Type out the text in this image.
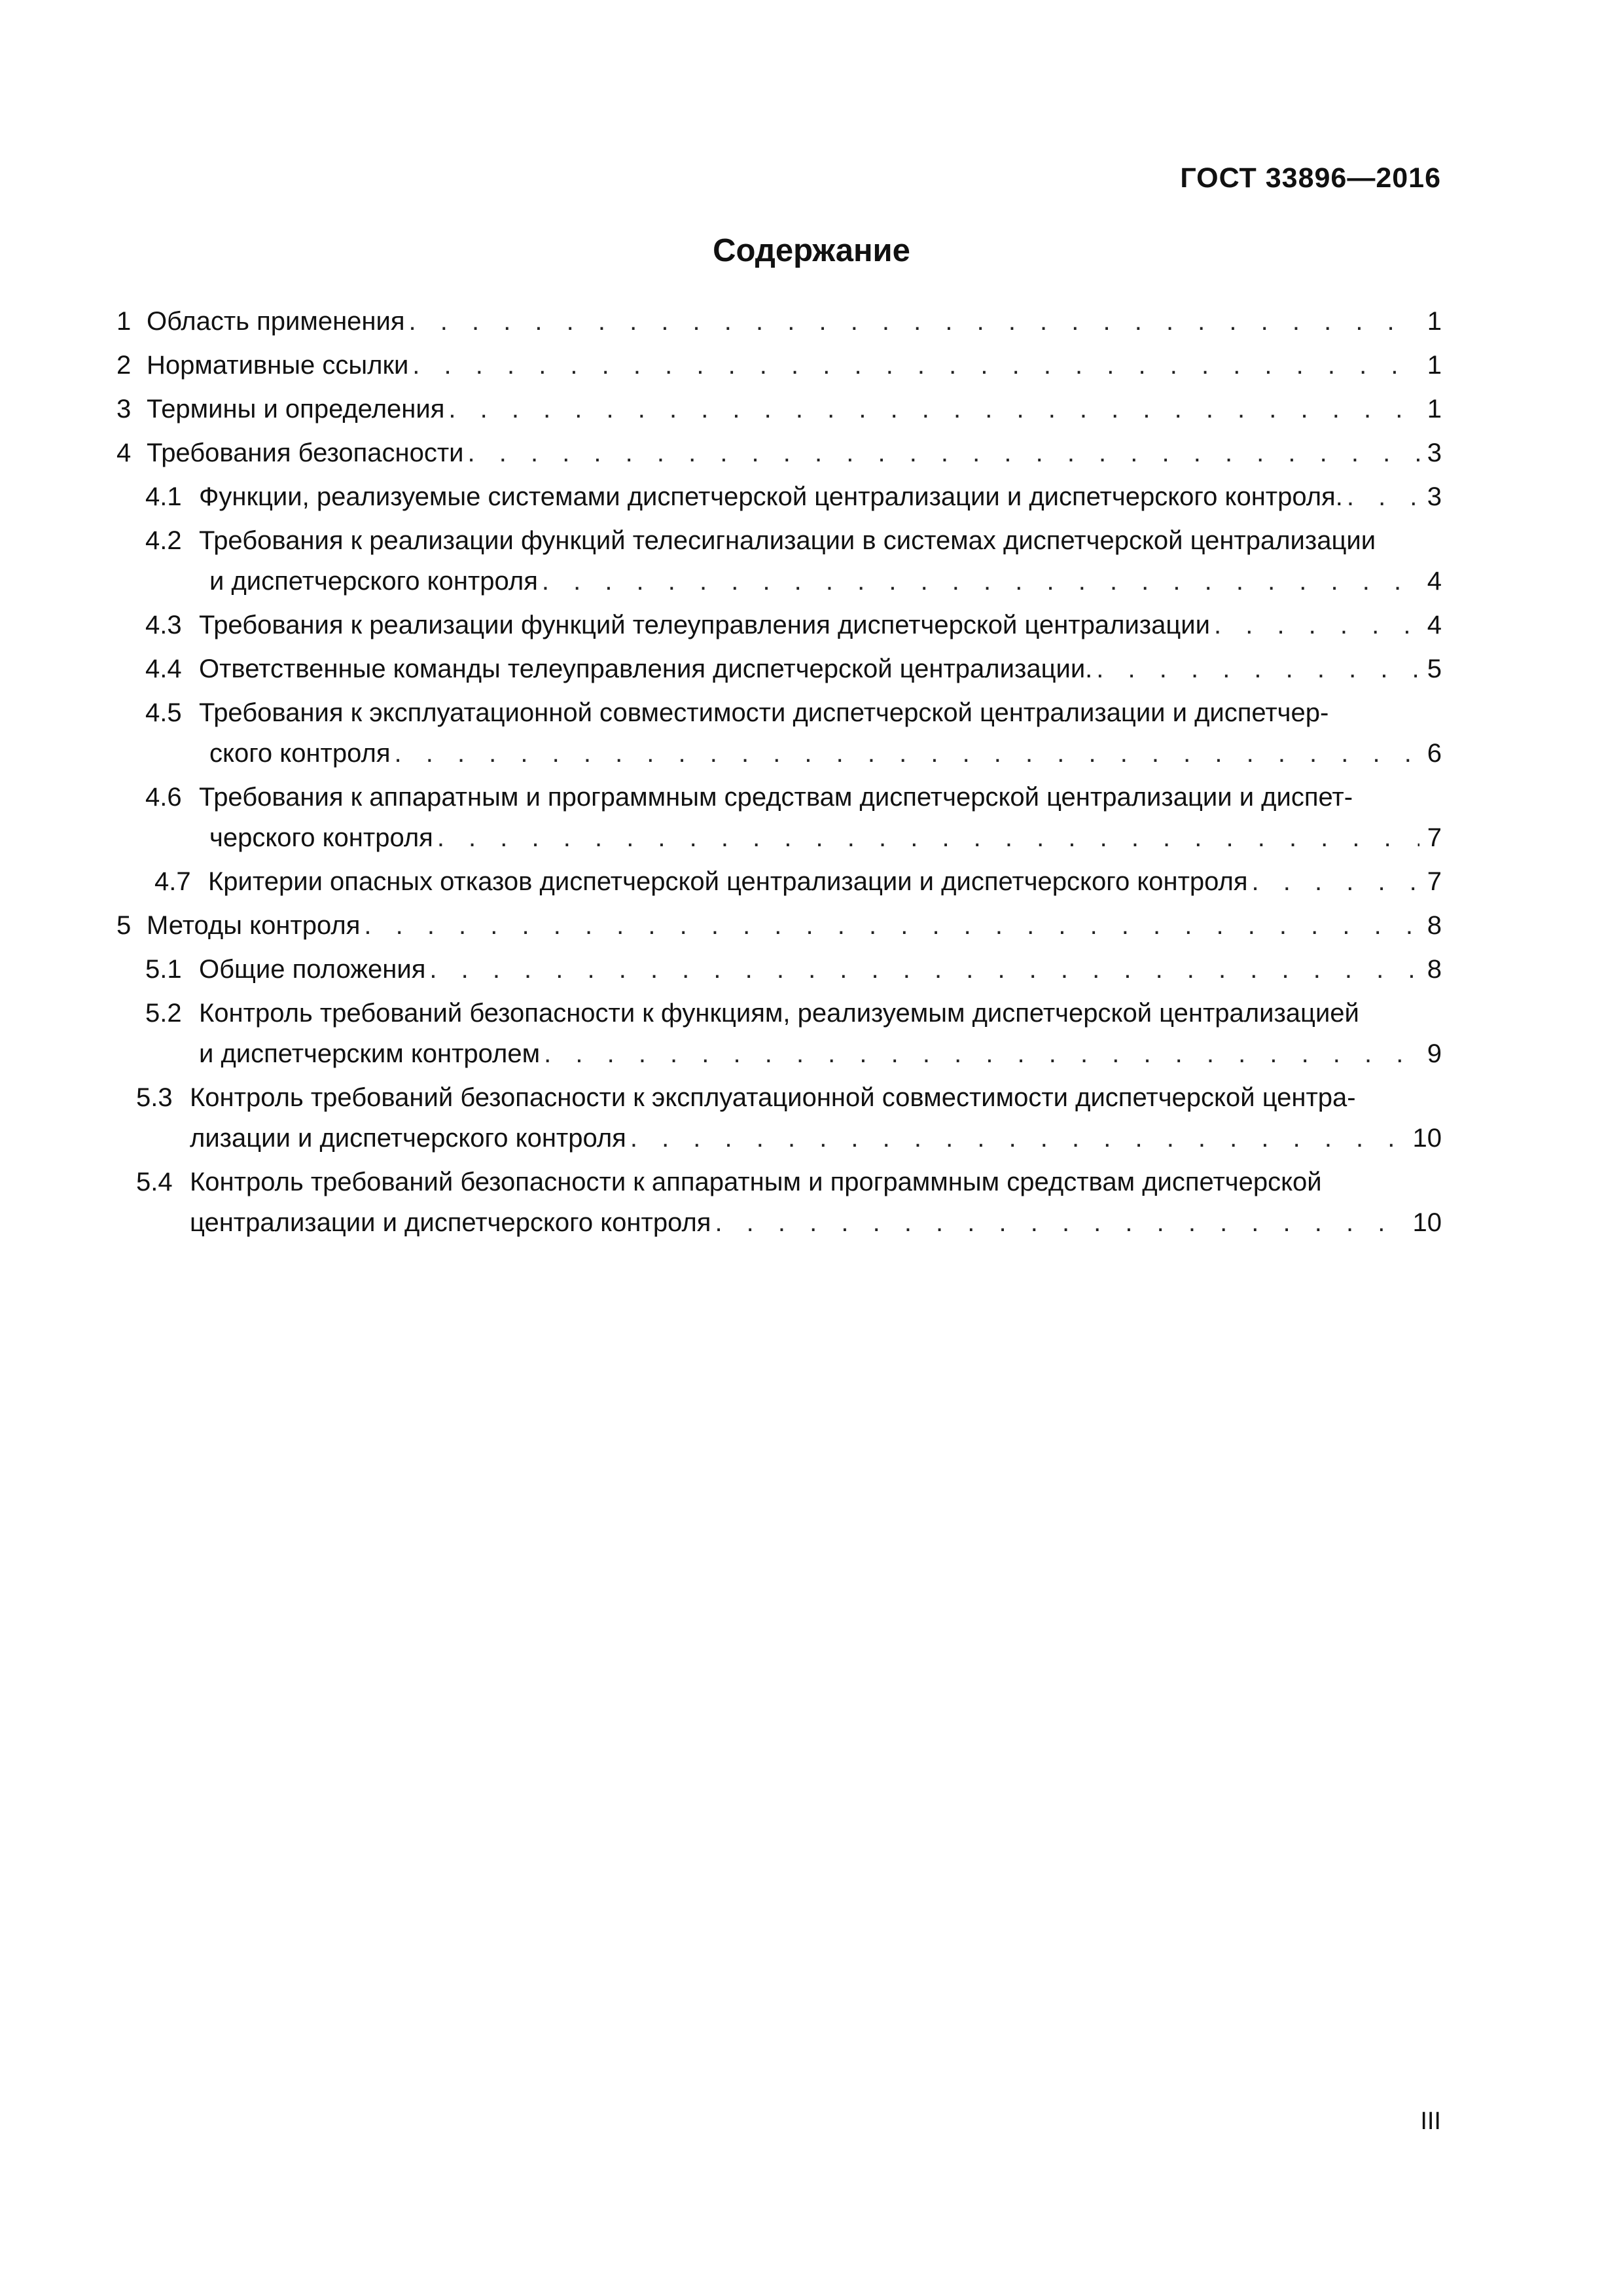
ГОСТ 33896—2016
Содержание
1 Область применения . . .	1
2 Нормативные ссылки . . .	1
3 Термины и определения . . .	1
4 Требования безопасности . . .	3
4.1 Функции, реализуемые системами диспетчерской централизации и диспетчерского контроля. . . .	3
4.2 Требования к реализации функций телесигнализации в системах диспетчерской централизации
и диспетчерского контроля . . .	4
4.3 Требования к реализации функций телеуправления диспетчерской централизации . . .	4
4.4 Ответственные команды телеуправления диспетчерской централизации. . . .	5
4.5 Требования к эксплуатационной совместимости диспетчерской централизации и диспетчер-
ского контроля . . .	6
4.6 Требования к аппаратным и программным средствам диспетчерской централизации и диспет-
черского контроля . . .	7
4.7 Критерии опасных отказов диспетчерской централизации и диспетчерского контроля . . .	7
5 Методы контроля . . .	8
5.1 Общие положения . . .	8
5.2 Контроль требований безопасности к функциям, реализуемым диспетчерской централизацией
и диспетчерским контролем . . .	9
5.3 Контроль требований безопасности к эксплуатационной совместимости диспетчерской центра-
лизации и диспетчерского контроля . . .	10
5.4 Контроль требований безопасности к аппаратным и программным средствам диспетчерской
централизации и диспетчерского контроля . . .	10
III
